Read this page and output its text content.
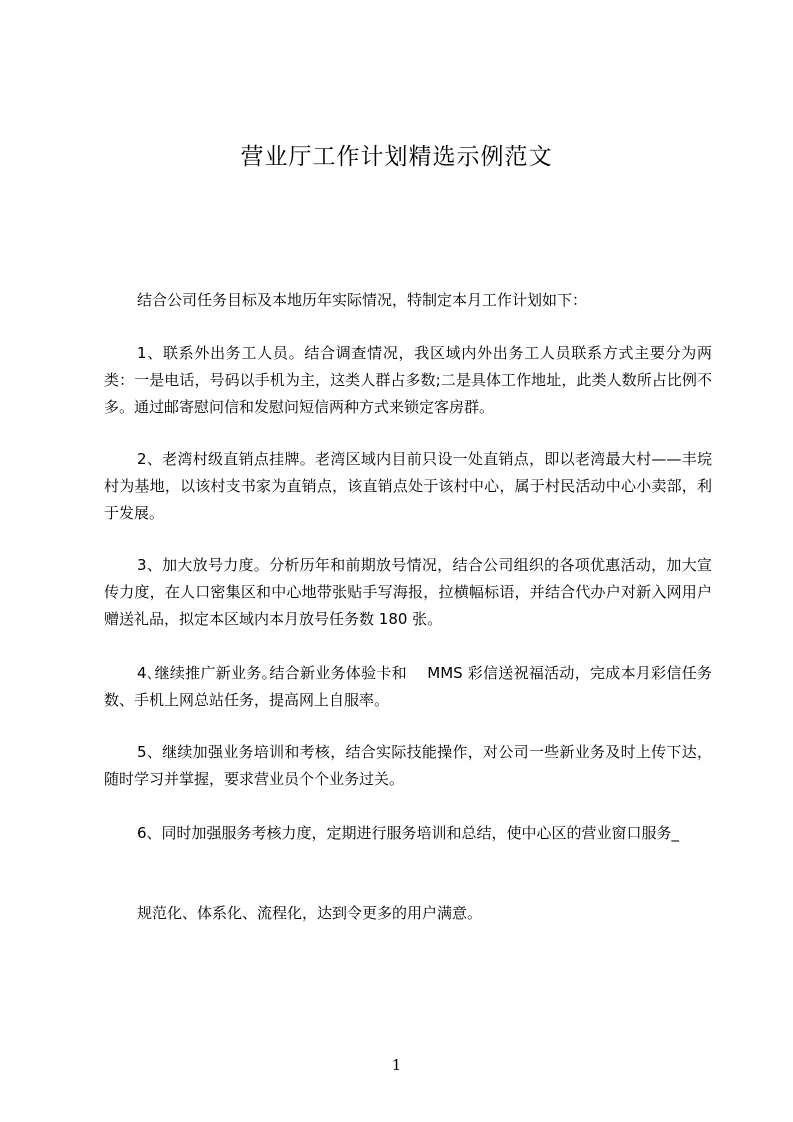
营业厅工作计划精选示例范文

结合公司任务目标及本地历年实际情况，特制定本月工作计划如下：

1、联系外出务工人员。结合调查情况，我区域内外出务工人员联系方式主要分为两类：一是电话，号码以手机为主，这类人群占多数;二是具体工作地址，此类人数所占比例不多。通过邮寄慰问信和发慰问短信两种方式来锁定客房群。

2、老湾村级直销点挂牌。老湾区域内目前只设一处直销点，即以老湾最大村——丰垸村为基地，以该村支书家为直销点，该直销点处于该村中心，属于村民活动中心小卖部，利于发展。

3、加大放号力度。分析历年和前期放号情况，结合公司组织的各项优惠活动，加大宣传力度，在人口密集区和中心地带张贴手写海报，拉横幅标语，并结合代办户对新入网用户赠送礼品，拟定本区域内本月放号任务数 180 张。

4､继续推广新业务｡结合新业务体验卡和　 MMS 彩信送祝福活动，完成本月彩信任务数、手机上网总站任务，提高网上自服率。

5、继续加强业务培训和考核，结合实际技能操作，对公司一些新业务及时上传下达，随时学习并掌握，要求营业员个个业务过关。

6、同时加强服务考核力度，定期进行服务培训和总结，使中心区的营业窗口服务_

规范化、体系化、流程化，达到令更多的用户满意。

1
